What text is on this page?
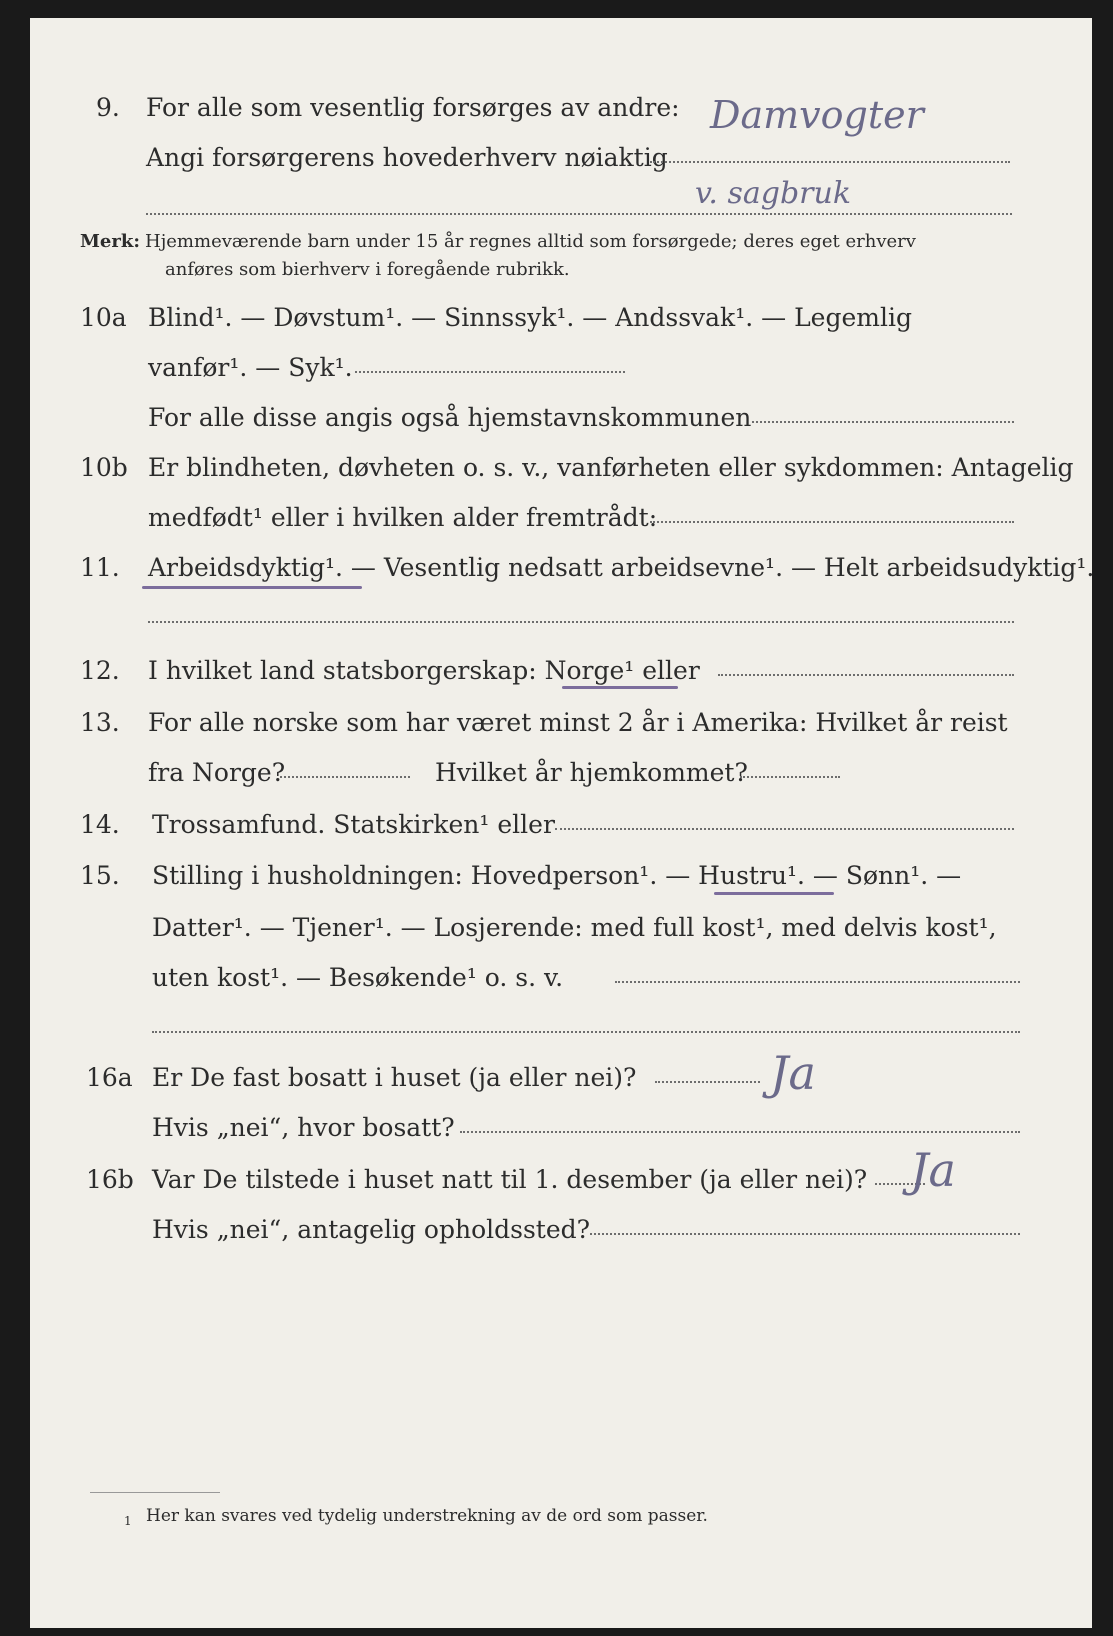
9. For alle som vesentlig forsørges av andre:
Angi forsørgerens hovederhverv nøiaktig
Damvogter
v. sagbruk
Merk: Hjemmeværende barn under 15 år regnes alltid som forsørgede; deres eget erhverv
anføres som bierhverv i foregående rubrikk.
10a Blind¹. — Døvstum¹. — Sinnssyk¹. — Andssvak¹. — Legemlig
vanfør¹. — Syk¹.
For alle disse angis også hjemstavnskommunen
10b Er blindheten, døvheten o. s. v., vanførheten eller sykdommen: Antagelig
medfødt¹ eller i hvilken alder fremtrådt:
11. Arbeidsdyktig¹. — Vesentlig nedsatt arbeidsevne¹. — Helt arbeidsudyktig¹.
12. I hvilket land statsborgerskap: Norge¹ eller
13. For alle norske som har været minst 2 år i Amerika: Hvilket år reist
fra Norge?	Hvilket år hjemkommet?
14. Trossamfund. Statskirken¹ eller
15. Stilling i husholdningen: Hovedperson¹. — Hustru¹. — Sønn¹. —
Datter¹. — Tjener¹. — Losjerende: med full kost¹, med delvis kost¹,
uten kost¹. — Besøkende¹ o. s. v.
16a Er De fast bosatt i huset (ja eller nei)?	Ja
Hvis „nei“, hvor bosatt?
16b Var De tilstede i huset natt til 1. desember (ja eller nei)? Ja
Hvis „nei“, antagelig opholdssted?
1 Her kan svares ved tydelig understrekning av de ord som passer.
